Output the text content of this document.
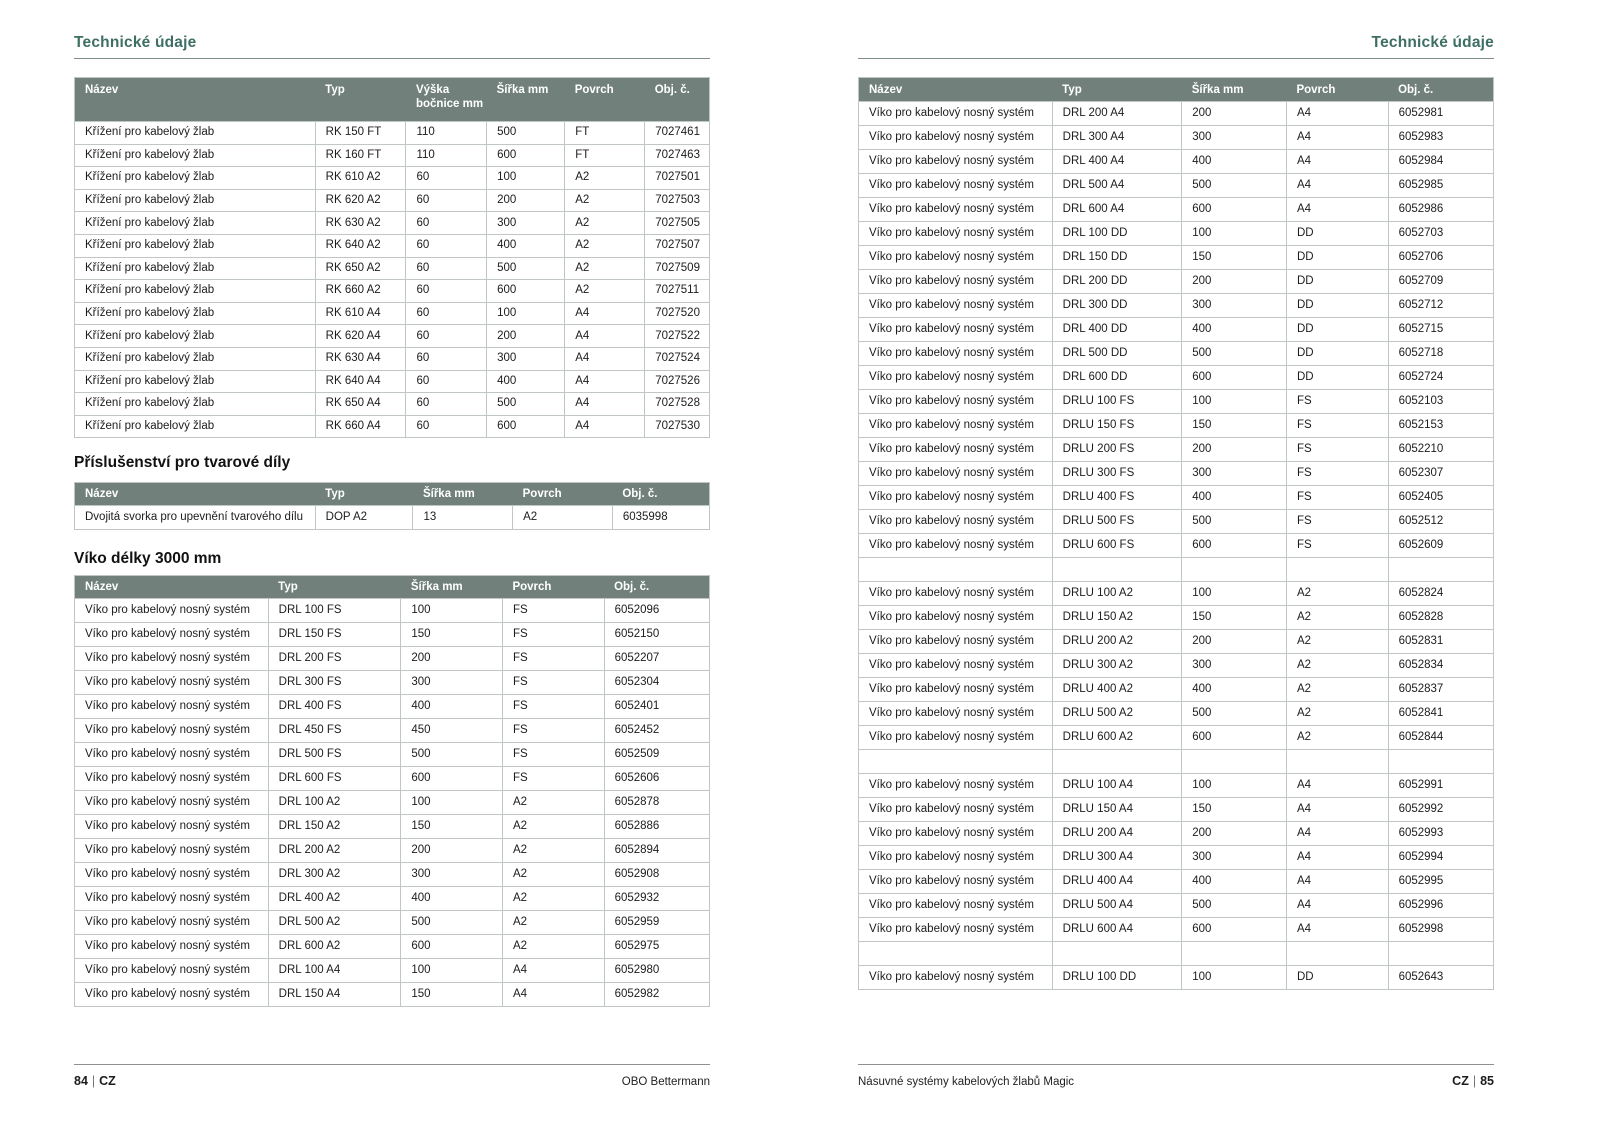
Technické údaje
Název	Typ	Výška bočnice mm	Šířka mm	Povrch	Obj. č.
Křížení pro kabelový žlab	RK 150 FT	110	500	FT	7027461
Křížení pro kabelový žlab	RK 160 FT	110	600	FT	7027463
Křížení pro kabelový žlab	RK 610 A2	60	100	A2	7027501
Křížení pro kabelový žlab	RK 620 A2	60	200	A2	7027503
Křížení pro kabelový žlab	RK 630 A2	60	300	A2	7027505
Křížení pro kabelový žlab	RK 640 A2	60	400	A2	7027507
Křížení pro kabelový žlab	RK 650 A2	60	500	A2	7027509
Křížení pro kabelový žlab	RK 660 A2	60	600	A2	7027511
Křížení pro kabelový žlab	RK 610 A4	60	100	A4	7027520
Křížení pro kabelový žlab	RK 620 A4	60	200	A4	7027522
Křížení pro kabelový žlab	RK 630 A4	60	300	A4	7027524
Křížení pro kabelový žlab	RK 640 A4	60	400	A4	7027526
Křížení pro kabelový žlab	RK 650 A4	60	500	A4	7027528
Křížení pro kabelový žlab	RK 660 A4	60	600	A4	7027530
Příslušenství pro tvarové díly
Název	Typ	Šířka mm	Povrch	Obj. č.
Dvojitá svorka pro upevnění tvarového dílu	DOP A2	13	A2	6035998
Víko délky 3000 mm
Název	Typ	Šířka mm	Povrch	Obj. č.
Víko pro kabelový nosný systém	DRL 100 FS	100	FS	6052096
Víko pro kabelový nosný systém	DRL 150 FS	150	FS	6052150
Víko pro kabelový nosný systém	DRL 200 FS	200	FS	6052207
Víko pro kabelový nosný systém	DRL 300 FS	300	FS	6052304
Víko pro kabelový nosný systém	DRL 400 FS	400	FS	6052401
Víko pro kabelový nosný systém	DRL 450 FS	450	FS	6052452
Víko pro kabelový nosný systém	DRL 500 FS	500	FS	6052509
Víko pro kabelový nosný systém	DRL 600 FS	600	FS	6052606
Víko pro kabelový nosný systém	DRL 100 A2	100	A2	6052878
Víko pro kabelový nosný systém	DRL 150 A2	150	A2	6052886
Víko pro kabelový nosný systém	DRL 200 A2	200	A2	6052894
Víko pro kabelový nosný systém	DRL 300 A2	300	A2	6052908
Víko pro kabelový nosný systém	DRL 400 A2	400	A2	6052932
Víko pro kabelový nosný systém	DRL 500 A2	500	A2	6052959
Víko pro kabelový nosný systém	DRL 600 A2	600	A2	6052975
Víko pro kabelový nosný systém	DRL 100 A4	100	A4	6052980
Víko pro kabelový nosný systém	DRL 150 A4	150	A4	6052982
84 | CZ	OBO Bettermann
Technické údaje
Název	Typ	Šířka mm	Povrch	Obj. č.
Víko pro kabelový nosný systém	DRL 200 A4	200	A4	6052981
Víko pro kabelový nosný systém	DRL 300 A4	300	A4	6052983
Víko pro kabelový nosný systém	DRL 400 A4	400	A4	6052984
Víko pro kabelový nosný systém	DRL 500 A4	500	A4	6052985
Víko pro kabelový nosný systém	DRL 600 A4	600	A4	6052986
Víko pro kabelový nosný systém	DRL 100 DD	100	DD	6052703
Víko pro kabelový nosný systém	DRL 150 DD	150	DD	6052706
Víko pro kabelový nosný systém	DRL 200 DD	200	DD	6052709
Víko pro kabelový nosný systém	DRL 300 DD	300	DD	6052712
Víko pro kabelový nosný systém	DRL 400 DD	400	DD	6052715
Víko pro kabelový nosný systém	DRL 500 DD	500	DD	6052718
Víko pro kabelový nosný systém	DRL 600 DD	600	DD	6052724
Víko pro kabelový nosný systém	DRLU 100 FS	100	FS	6052103
Víko pro kabelový nosný systém	DRLU 150 FS	150	FS	6052153
Víko pro kabelový nosný systém	DRLU 200 FS	200	FS	6052210
Víko pro kabelový nosný systém	DRLU 300 FS	300	FS	6052307
Víko pro kabelový nosný systém	DRLU 400 FS	400	FS	6052405
Víko pro kabelový nosný systém	DRLU 500 FS	500	FS	6052512
Víko pro kabelový nosný systém	DRLU 600 FS	600	FS	6052609

Víko pro kabelový nosný systém	DRLU 100 A2	100	A2	6052824
Víko pro kabelový nosný systém	DRLU 150 A2	150	A2	6052828
Víko pro kabelový nosný systém	DRLU 200 A2	200	A2	6052831
Víko pro kabelový nosný systém	DRLU 300 A2	300	A2	6052834
Víko pro kabelový nosný systém	DRLU 400 A2	400	A2	6052837
Víko pro kabelový nosný systém	DRLU 500 A2	500	A2	6052841
Víko pro kabelový nosný systém	DRLU 600 A2	600	A2	6052844

Víko pro kabelový nosný systém	DRLU 100 A4	100	A4	6052991
Víko pro kabelový nosný systém	DRLU 150 A4	150	A4	6052992
Víko pro kabelový nosný systém	DRLU 200 A4	200	A4	6052993
Víko pro kabelový nosný systém	DRLU 300 A4	300	A4	6052994
Víko pro kabelový nosný systém	DRLU 400 A4	400	A4	6052995
Víko pro kabelový nosný systém	DRLU 500 A4	500	A4	6052996
Víko pro kabelový nosný systém	DRLU 600 A4	600	A4	6052998

Víko pro kabelový nosný systém	DRLU 100 DD	100	DD	6052643
Násuvné systémy kabelových žlabů Magic	CZ | 85
